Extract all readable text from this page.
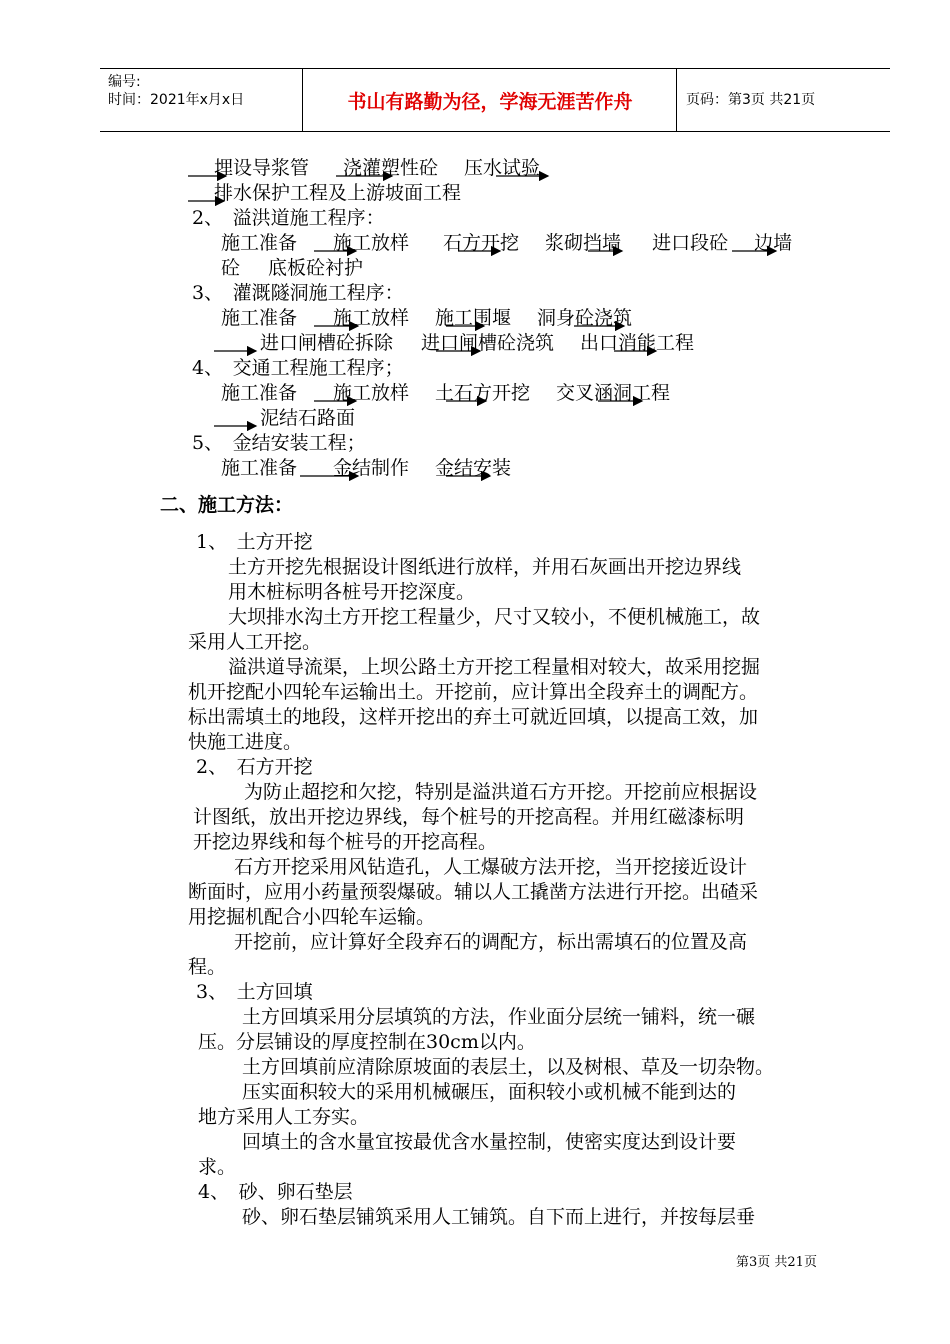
编号:
时间：2021年x月x日	书山有路勤为径，学海无涯苦作舟	页码：第3页 共21页
埋设导浆管 浇灌塑性砼 压水试验
排水保护工程及上游坡面工程
2、　溢洪道施工程序：
施工准备 施工放样 石方开挖 浆砌挡墙 进口段砼 边墙
砼 底板砼衬护
3、　灌溉隧洞施工程序：
施工准备 施工放样 施工围堰 洞身砼浇筑
进口闸槽砼拆除 进口闸槽砼浇筑 出口消能工程
4、　交通工程施工程序；
施工准备 施工放样 土石方开挖 交叉涵洞工程
泥结石路面
5、　金结安装工程；
施工准备 金结制作 金结安装
二、施工方法：
1、　土方开挖
土方开挖先根据设计图纸进行放样，并用石灰画出开挖边界线
用木桩标明各桩号开挖深度。
大坝排水沟土方开挖工程量少，尺寸又较小，不便机械施工，故
采用人工开挖。
溢洪道导流渠，上坝公路土方开挖工程量相对较大，故采用挖掘
机开挖配小四轮车运输出土。开挖前，应计算出全段弃土的调配方。
标出需填土的地段，这样开挖出的弃土可就近回填，以提高工效，加
快施工进度。
2、　石方开挖
为防止超挖和欠挖，特别是溢洪道石方开挖。开挖前应根据设
计图纸，放出开挖边界线，每个桩号的开挖高程。并用红磁漆标明
开挖边界线和每个桩号的开挖高程。
石方开挖采用风钻造孔，人工爆破方法开挖，当开挖接近设计
断面时，应用小药量预裂爆破。辅以人工撬凿方法进行开挖。出碴采
用挖掘机配合小四轮车运输。
开挖前，应计算好全段弃石的调配方，标出需填石的位置及高
程。
3、　土方回填
土方回填采用分层填筑的方法，作业面分层统一铺料，统一碾
压。分层铺设的厚度控制在30cm以内。
土方回填前应清除原坡面的表层土，以及树根、草及一切杂物。
压实面积较大的采用机械碾压，面积较小或机械不能到达的
地方采用人工夯实。
回填土的含水量宜按最优含水量控制，使密实度达到设计要
求。
4、　砂、卵石垫层
砂、卵石垫层铺筑采用人工铺筑。自下而上进行，并按每层垂
第3页 共21页
